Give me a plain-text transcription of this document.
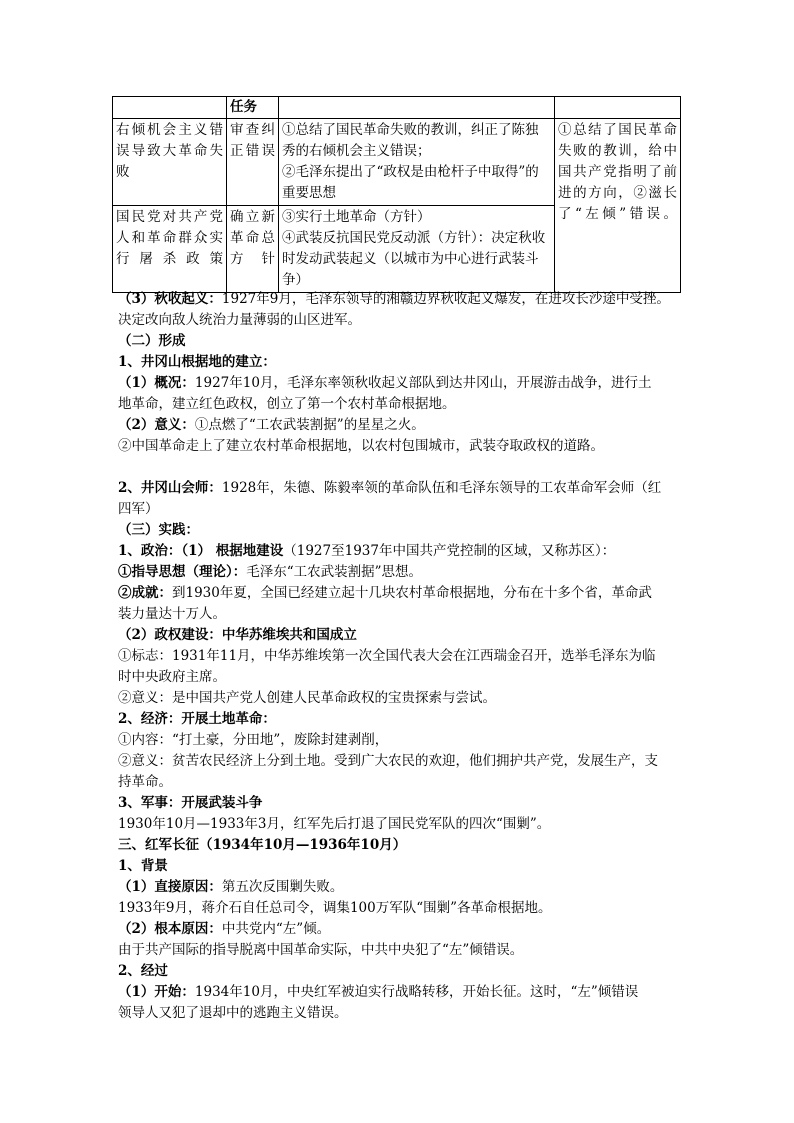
	任务		
右倾机会主义错误导致大革命失败	审查纠正错误	①总结了国民革命失败的教训，纠正了陈独秀的右倾机会主义错误；
②毛泽东提出了“政权是由枪杆子中取得”的重要思想	①总结了国民革命失败的教训，给中国共产党指明了前进的方向，②滋长了“左倾”错误。
国民党对共产党人和革命群众实行屠杀政策	确立新革命总方针	③实行土地革命（方针）
④武装反抗国民党反动派（方针）：决定秋收时发动武装起义（以城市为中心进行武装斗争）	

（3）秋收起义：1927年9月，毛泽东领导的湘赣边界秋收起义爆发，在进攻长沙途中受挫。

决定改向敌人统治力量薄弱的山区进军。

（二）形成

1、井冈山根据地的建立：

（1）概况：1927年10月，毛泽东率领秋收起义部队到达井冈山，开展游击战争，进行土

地革命，建立红色政权，创立了第一个农村革命根据地。

（2）意义：①点燃了“工农武装割据”的星星之火。

②中国革命走上了建立农村革命根据地，以农村包围城市，武装夺取政权的道路。

2、井冈山会师：1928年，朱德、陈毅率领的革命队伍和毛泽东领导的工农革命军会师（红

四军）

（三）实践：

1、政治：（1） 根据地建设（1927至1937年中国共产党控制的区域，又称苏区）：

①指导思想（理论）：毛泽东“工农武装割据”思想。

②成就：到1930年夏，全国已经建立起十几块农村革命根据地，分布在十多个省，革命武

装力量达十万人。

（2）政权建设：中华苏维埃共和国成立

①标志：1931年11月，中华苏维埃第一次全国代表大会在江西瑞金召开，选举毛泽东为临

时中央政府主席。

②意义：是中国共产党人创建人民革命政权的宝贵探索与尝试。

2、经济：开展土地革命：

①内容：“打土豪，分田地”，废除封建剥削，

②意义：贫苦农民经济上分到土地。受到广大农民的欢迎，他们拥护共产党，发展生产，支

持革命。

3、军事：开展武装斗争

1930年10月—1933年3月，红军先后打退了国民党军队的四次“围剿”。

三、红军长征（1934年10月—1936年10月）

1、背景

（1）直接原因：第五次反围剿失败。

1933年9月，蒋介石自任总司令，调集100万军队“围剿”各革命根据地。

（2）根本原因：中共党内“左”倾。

由于共产国际的指导脱离中国革命实际，中共中央犯了“左”倾错误。

2、经过

（1）开始：1934年10月，中央红军被迫实行战略转移，开始长征。这时，“左”倾错误

领导人又犯了退却中的逃跑主义错误。
